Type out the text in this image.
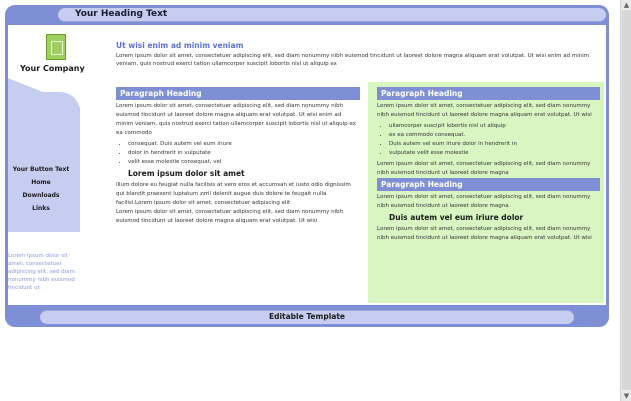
Your Heading Text
Your Company
Your Button Text
Home
Downloads
Links
Lorem ipsum dolor sit amet, consectetuer adipiscing elit, sed diam nonummy nibh euismod tincidunt ut
Ut wisi enim ad minim veniam
Lorem ipsum dolor sit amet, consectetuer adipiscing elit, sed diam nonummy nibh euismod tincidunt ut laoreet dolore magna aliquam erat volutpat. Ut wisi enim ad minim veniam, quis nostrud exerci tation ullamcorper suscipit lobortis nisl ut aliquip ex
Paragraph Heading
Lorem ipsum dolor sit amet, consectetuer adipiscing elit, sed diam nonummy nibh euismod tincidunt ut laoreet dolore magna aliquam erat volutpat. Ut wisi enim ad minim veniam, quis nostrud exerci tation ullamcorper suscipit lobortis nisl ut aliquip ex ea commodo
• consequat. Duis autem vel eum iriure
• dolor in hendrerit in vulputate
• velit esse molestie consequat, vel
Lorem ipsum dolor sit amet
illum dolore eu feugiat nulla facilisis at vero eros et accumsan et iusto odio dignissim qui blandit praesent luptatum zzril delenit augue duis dolore te feugait nulla facilisi.Lorem ipsum dolor sit amet, consectetuer adipiscing elit
Lorem ipsum dolor sit amet, consectetuer adipiscing elit, sed diam nonummy nibh euismod tincidunt ut laoreet dolore magna aliquam erat volutpat. Ut wisi
Paragraph Heading
Lorem ipsum dolor sit amet, consectetuer adipiscing elit, sed diam nonummy nibh euismod tincidunt ut laoreet dolore magna aliquam erat volutpat. Ut wisi
• ullamcorper suscipit lobortis nisl ut aliquip
• ex ea commodo consequat.
• Duis autem vel eum iriure dolor in hendrerit in
• vulputate velit esse molestie
Lorem ipsum dolor sit amet, consectetuer adipiscing elit, sed diam nonummy nibh euismod tincidunt ut laoreet dolore magna
Paragraph Heading
Lorem ipsum dolor sit amet, consectetuer adipiscing elit, sed diam nonummy nibh euismod tincidunt ut laoreet dolore magna
Duis autem vel eum iriure dolor
Lorem ipsum dolor sit amet, consectetuer adipiscing elit, sed diam nonummy nibh euismod tincidunt ut laoreet dolore magna aliquam erat volutpat. Ut wisi
Editable Template
▲
▼
